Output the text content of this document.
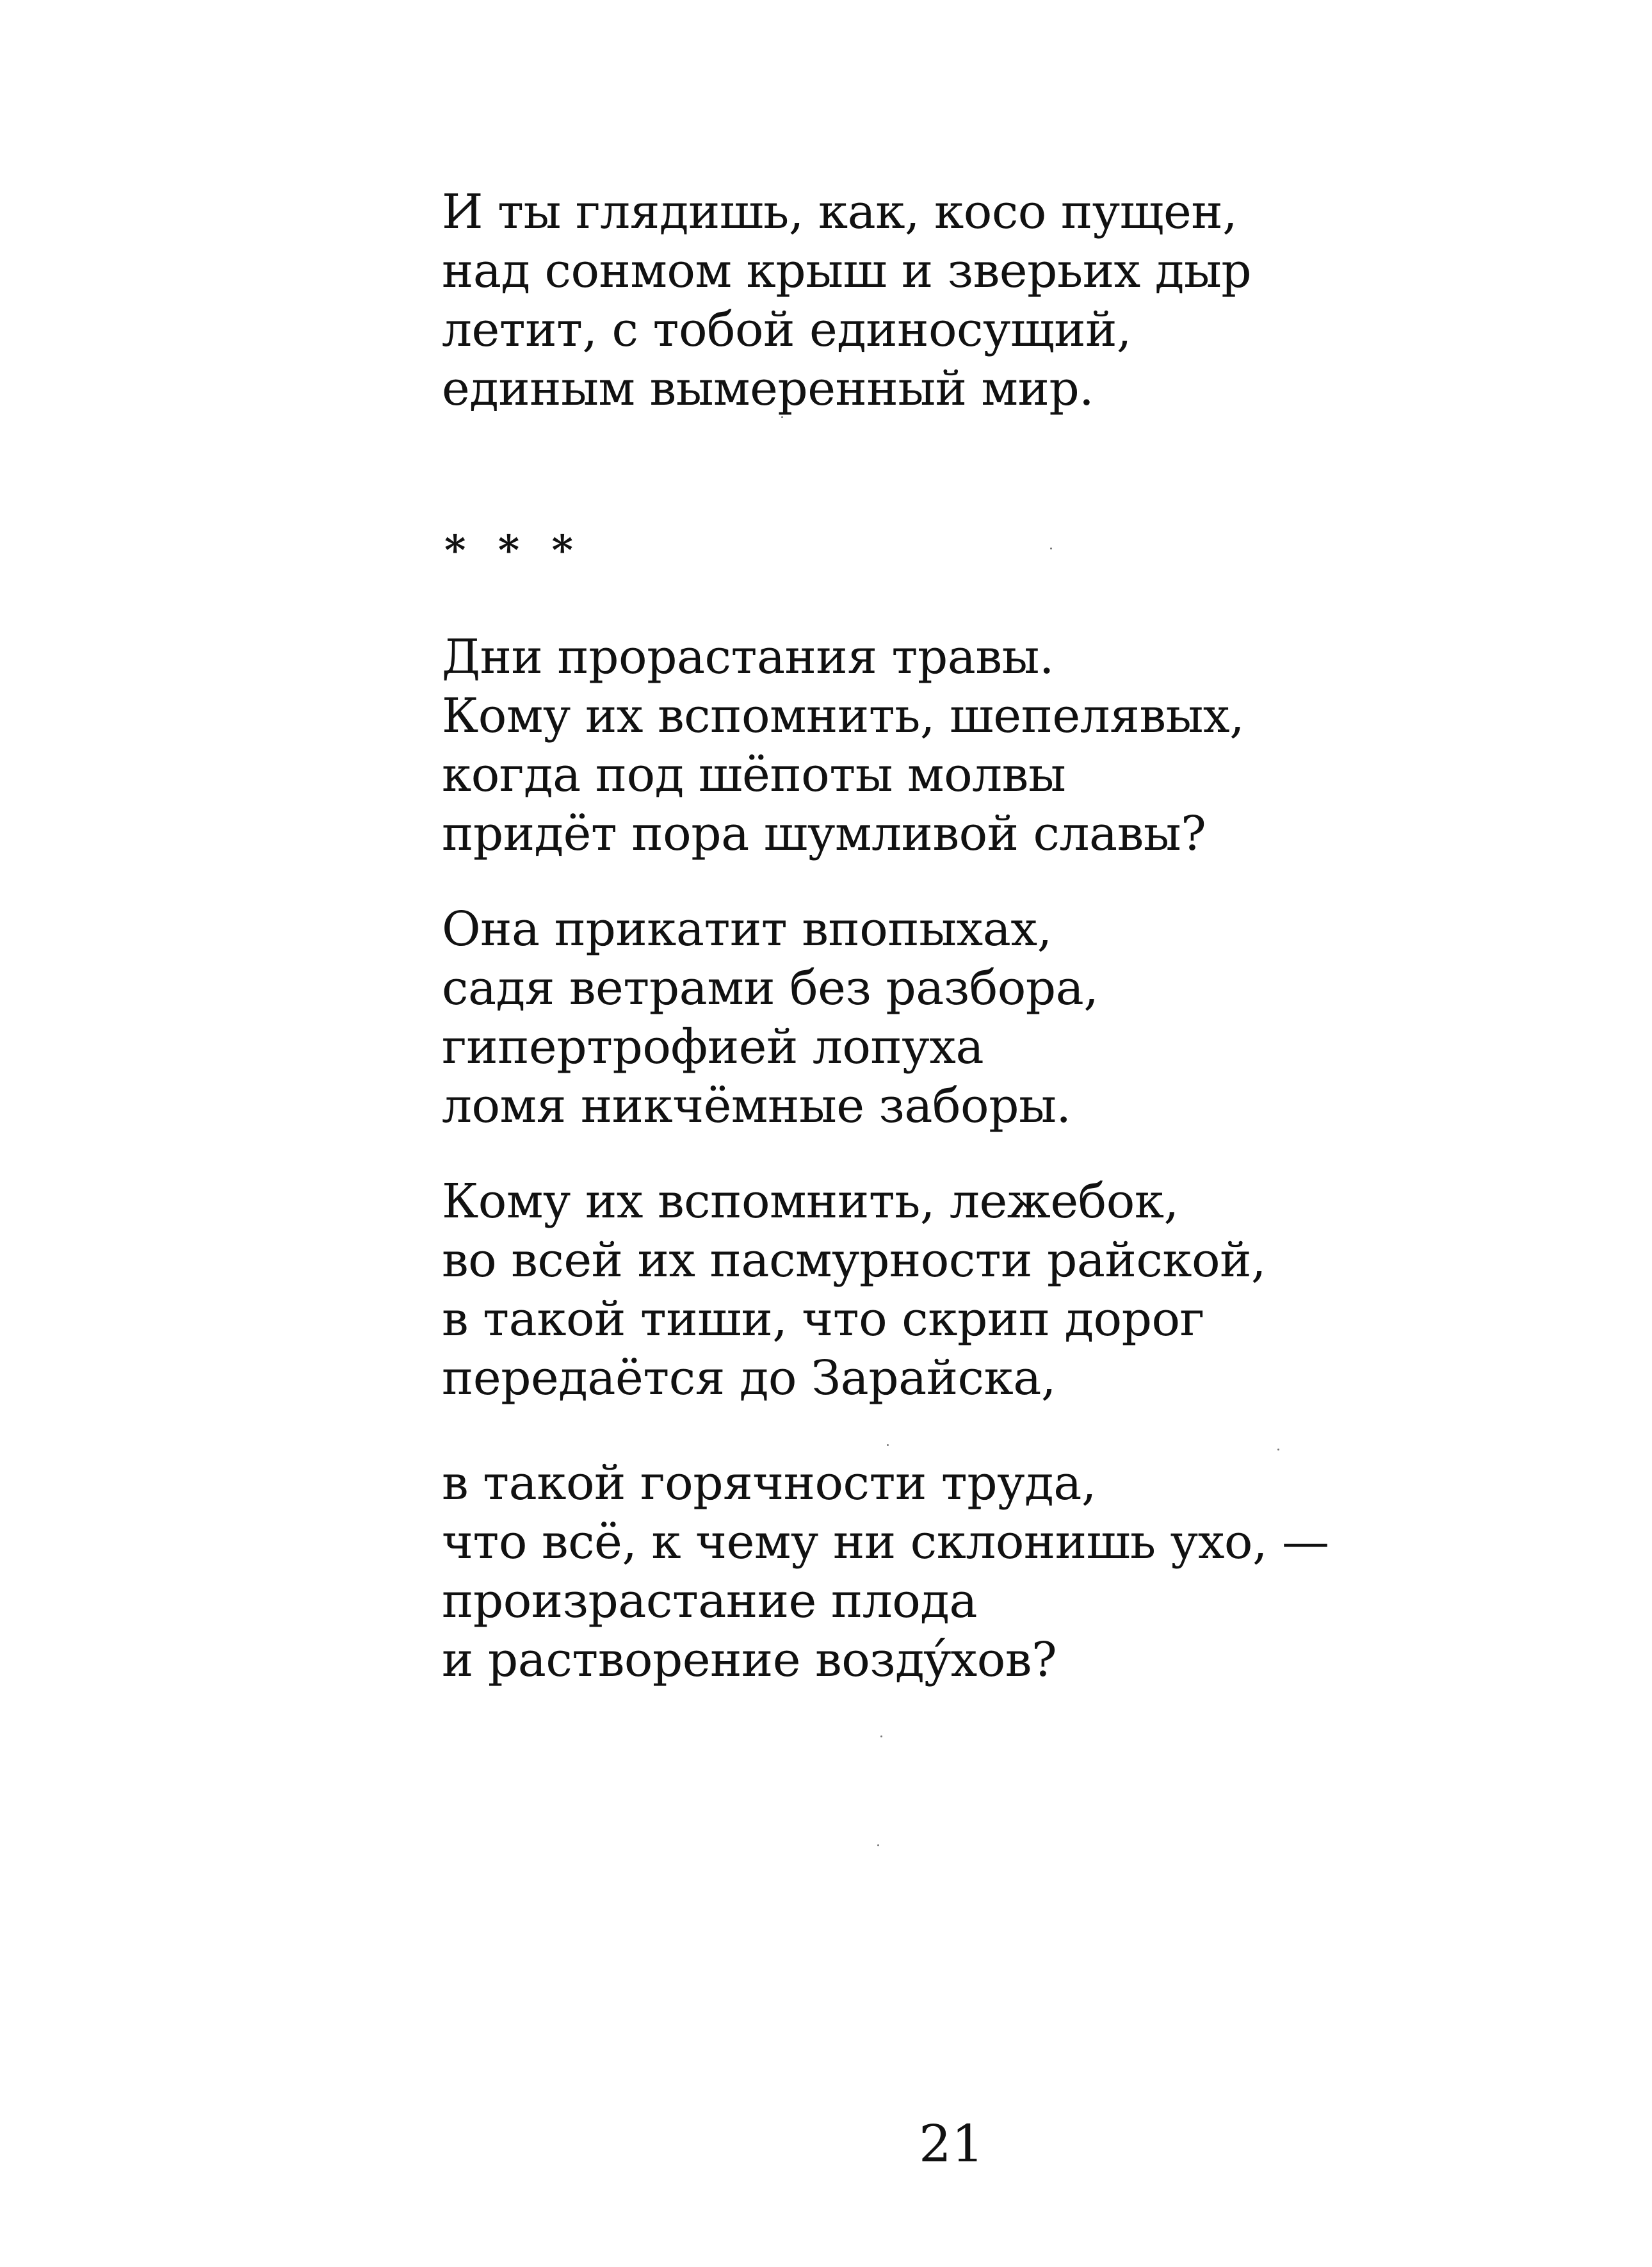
И ты глядишь, как, косо пущен,
над сонмом крыш и зверьих дыр
летит, с тобой единосущий,
единым вымеренный мир.
* * *
Дни прорастания травы.
Кому их вспомнить, шепелявых,
когда под шёпоты молвы
придёт пора шумливой славы?
Она прикатит впопыхах,
садя ветрами без разбора,
гипертрофией лопуха
ломя никчёмные заборы.
Кому их вспомнить, лежебок,
во всей их пасмурности райской,
в такой тиши, что скрип дорог
передаётся до Зарайска,
в такой горячности труда,
что всё, к чему ни склонишь ухо, —
произрастание плода
и растворение воздýхов?
21
